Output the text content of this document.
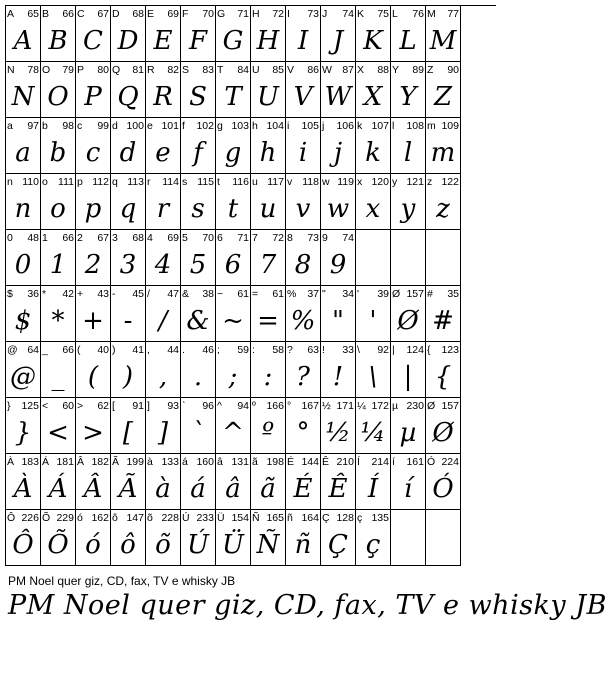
A 65
A
B 66
B
C 67
C
D 68
D
E 69
E
F 70
F
G 71
G
H 72
H
I 73
I
J 74
J
K 75
K
L 76
L
M 77
M
N 78
N
O 79
O
P 80
P
Q 81
Q
R 82
R
S 83
S
T 84
T
U 85
U
V 86
V
W 87
W
X 88
X
Y 89
Y
Z 90
Z
a 97
a
b 98
b
c 99
c
d 100
d
e 101
e
f 102
f
g 103
g
h 104
h
i 105
i
j 106
j
k 107
k
l 108
l
m 109
m
n 110
n
o 111
o
p 112
p
q 113
q
r 114
r
s 115
s
t 116
t
u 117
u
v 118
v
w 119
w
x 120
x
y 121
y
z 122
z
0 48
0
1 66
1
2 67
2
3 68
3
4 69
4
5 70
5
6 71
6
7 72
7
8 73
8
9 74
9
$ 36
$
* 42
*
+ 43
+
- 45
-
/ 47
/
& 38
&
~ 61
~
= 61
=
% 37
%
" 34
"
' 39
'
Ø 157
Ø
# 35
#
@ 64
@
_ 66
_
( 40
(
) 41
)
, 44
,
. 46
.
; 59
;
: 58
:
? 63
?
! 33
!
\ 92
\
| 124
|
{ 123
{
} 125
}
< 60
<
> 62
>
[ 91
[
] 93
]
` 96
`
^ 94
^
º 166
º
° 167
°
½ 171
½
¼ 172
¼
µ 230
µ
Ø 157
Ø
À 183
À
Á 181
Á
Â 182
Â
Ã 199
Ã
à 133
à
á 160
á
â 131
â
ã 198
ã
É 144
É
Ê 210
Ê
Í 214
Í
í 161
í
Ó 224
Ó
Ô 226
Ô
Õ 229
Õ
ó 162
ó
ô 147
ô
õ 228
õ
Ú 233
Ú
Ü 154
Ü
Ñ 165
Ñ
ñ 164
ñ
Ç 128
Ç
ç 135
ç
PM Noel quer giz, CD, fax, TV e whisky JB
PM Noel quer giz, CD, fax, TV e whisky JB
